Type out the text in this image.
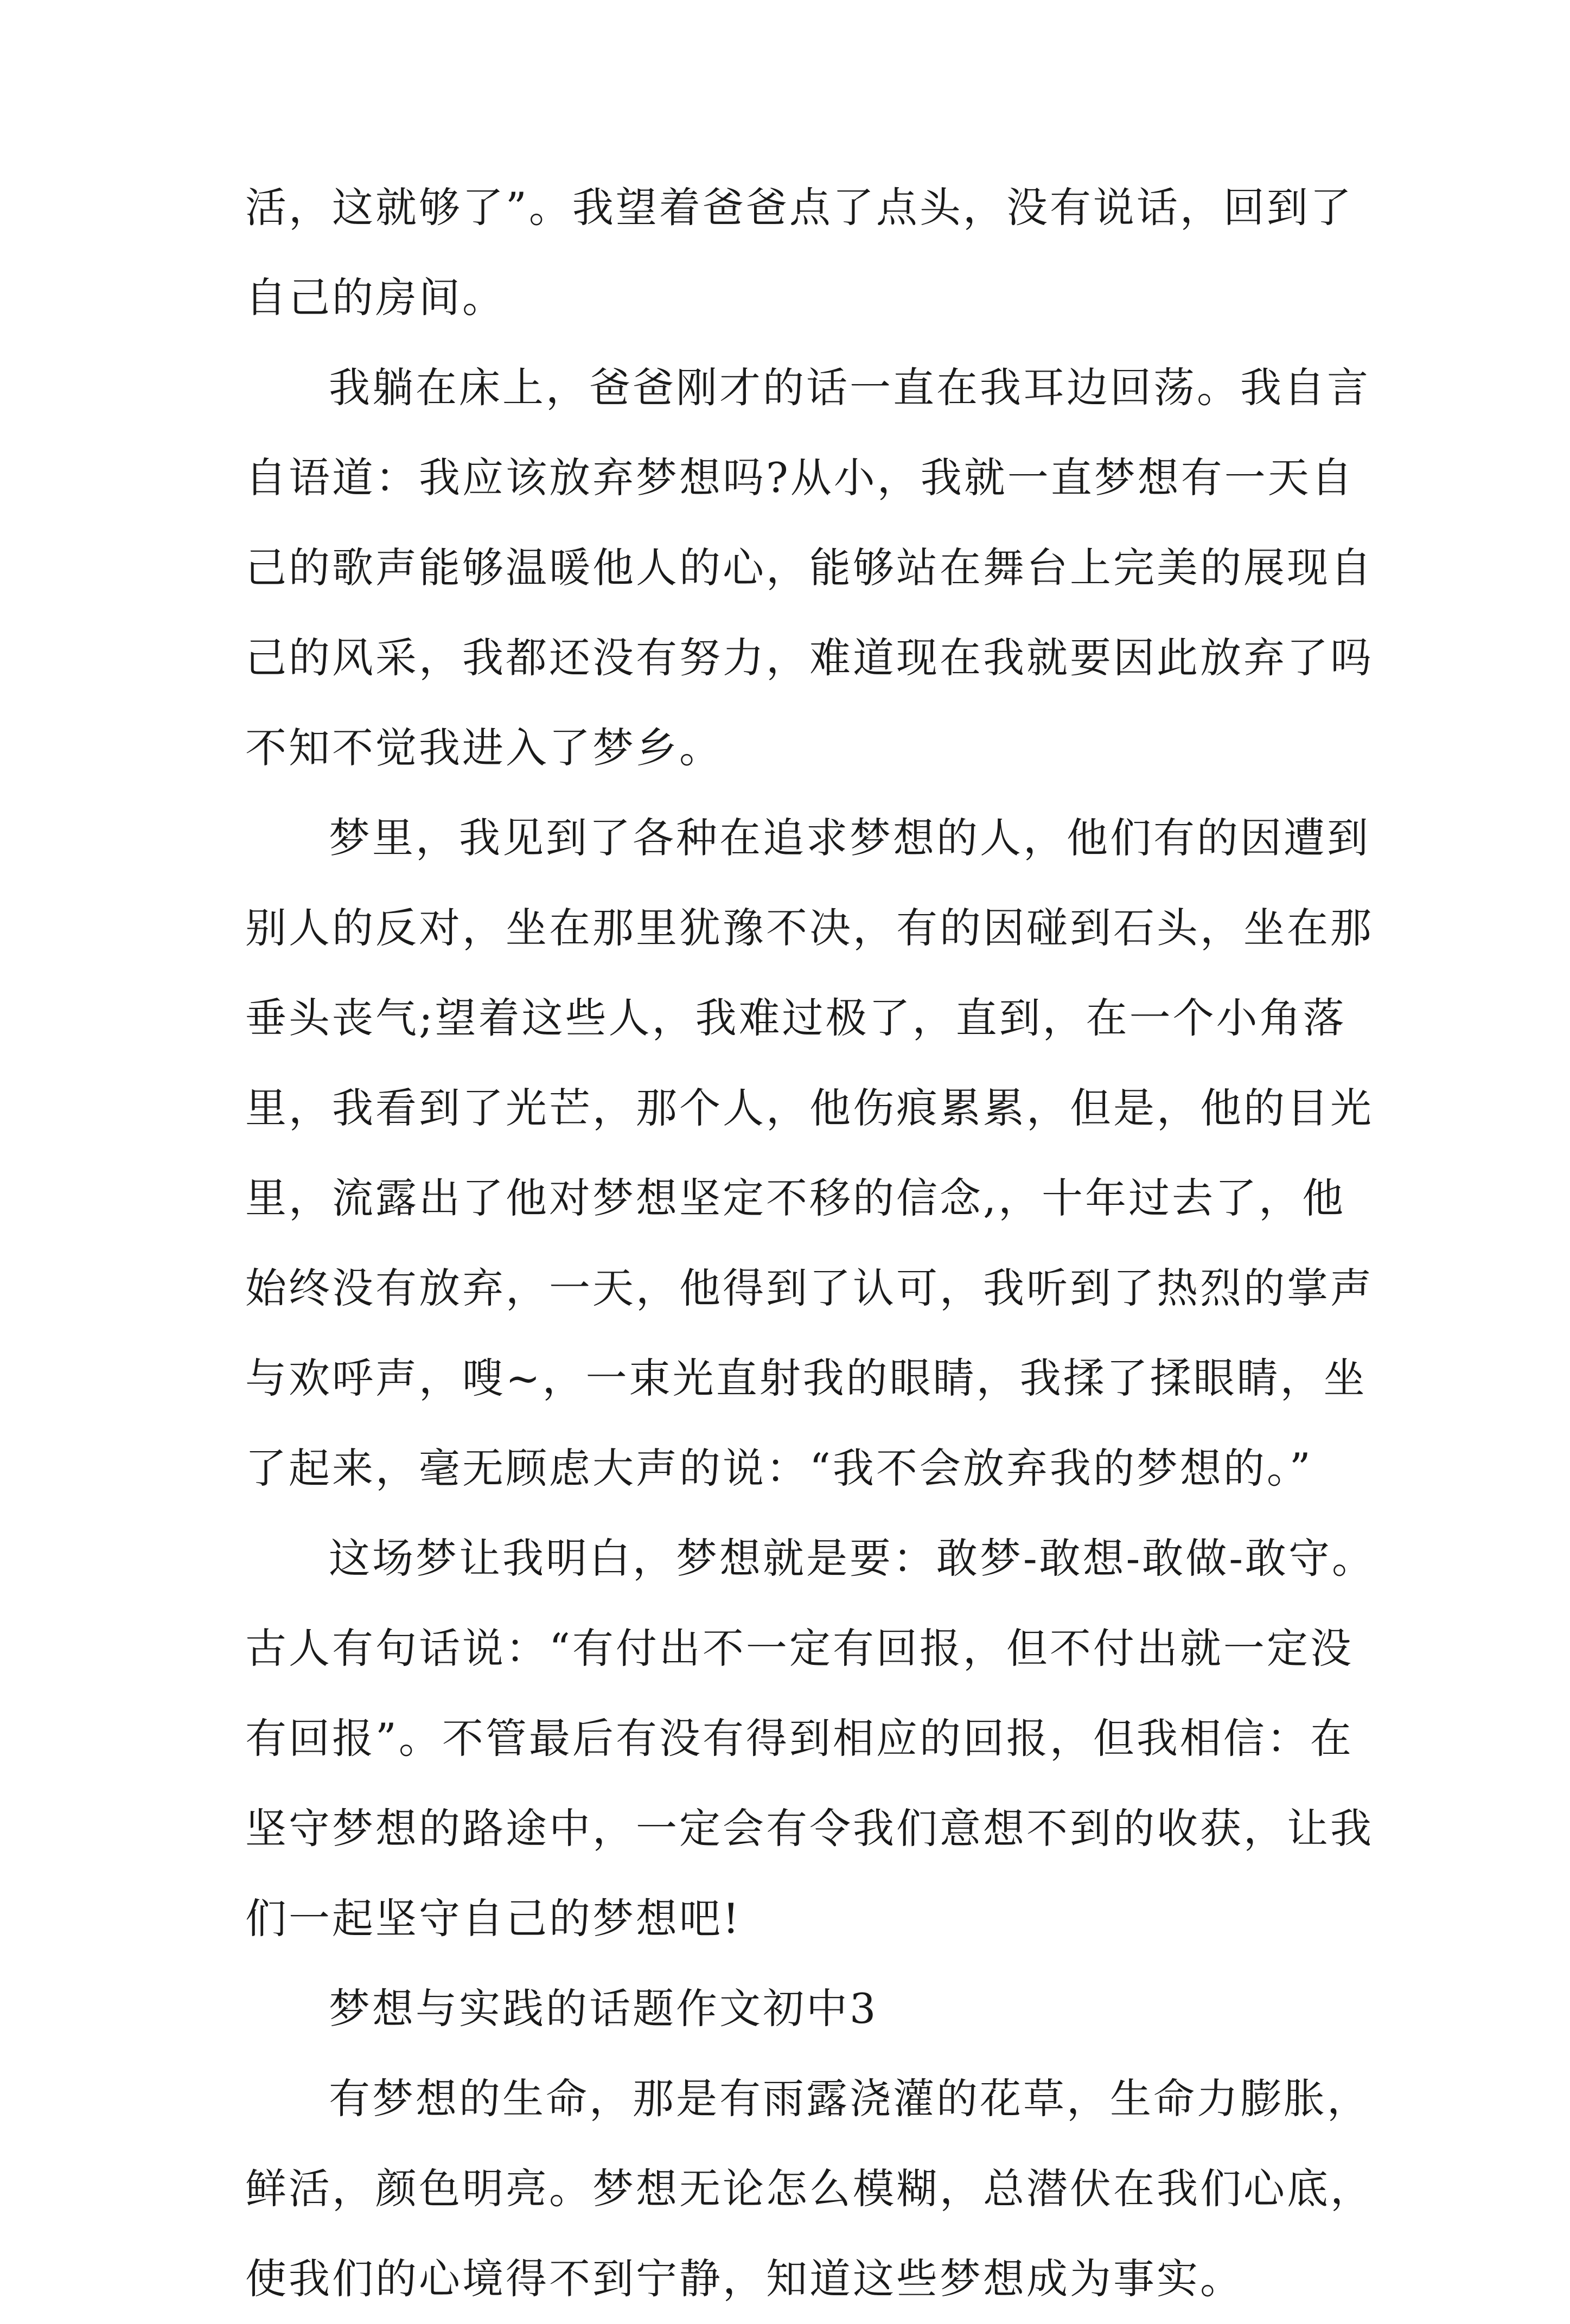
活，这就够了”。我望着爸爸点了点头，没有说话，回到了
自己的房间。
我躺在床上，爸爸刚才的话一直在我耳边回荡。我自言
自语道：我应该放弃梦想吗?从小，我就一直梦想有一天自
己的歌声能够温暖他人的心，能够站在舞台上完美的展现自
己的风采，我都还没有努力，难道现在我就要因此放弃了吗
不知不觉我进入了梦乡。
梦里，我见到了各种在追求梦想的人，他们有的因遭到
别人的反对，坐在那里犹豫不决，有的因碰到石头，坐在那
垂头丧气;望着这些人，我难过极了，直到，在一个小角落
里，我看到了光芒，那个人，他伤痕累累，但是，他的目光
里，流露出了他对梦想坚定不移的信念,，十年过去了，他
始终没有放弃，一天，他得到了认可，我听到了热烈的掌声
与欢呼声，嗖~，一束光直射我的眼睛，我揉了揉眼睛，坐
了起来，毫无顾虑大声的说：“我不会放弃我的梦想的。”
这场梦让我明白，梦想就是要：敢梦-敢想-敢做-敢守。
古人有句话说：“有付出不一定有回报，但不付出就一定没
有回报”。不管最后有没有得到相应的回报，但我相信：在
坚守梦想的路途中，一定会有令我们意想不到的收获，让我
们一起坚守自己的梦想吧!
梦想与实践的话题作文初中3
有梦想的生命，那是有雨露浇灌的花草，生命力膨胀，
鲜活，颜色明亮。梦想无论怎么模糊，总潜伏在我们心底，
使我们的心境得不到宁静，知道这些梦想成为事实。
